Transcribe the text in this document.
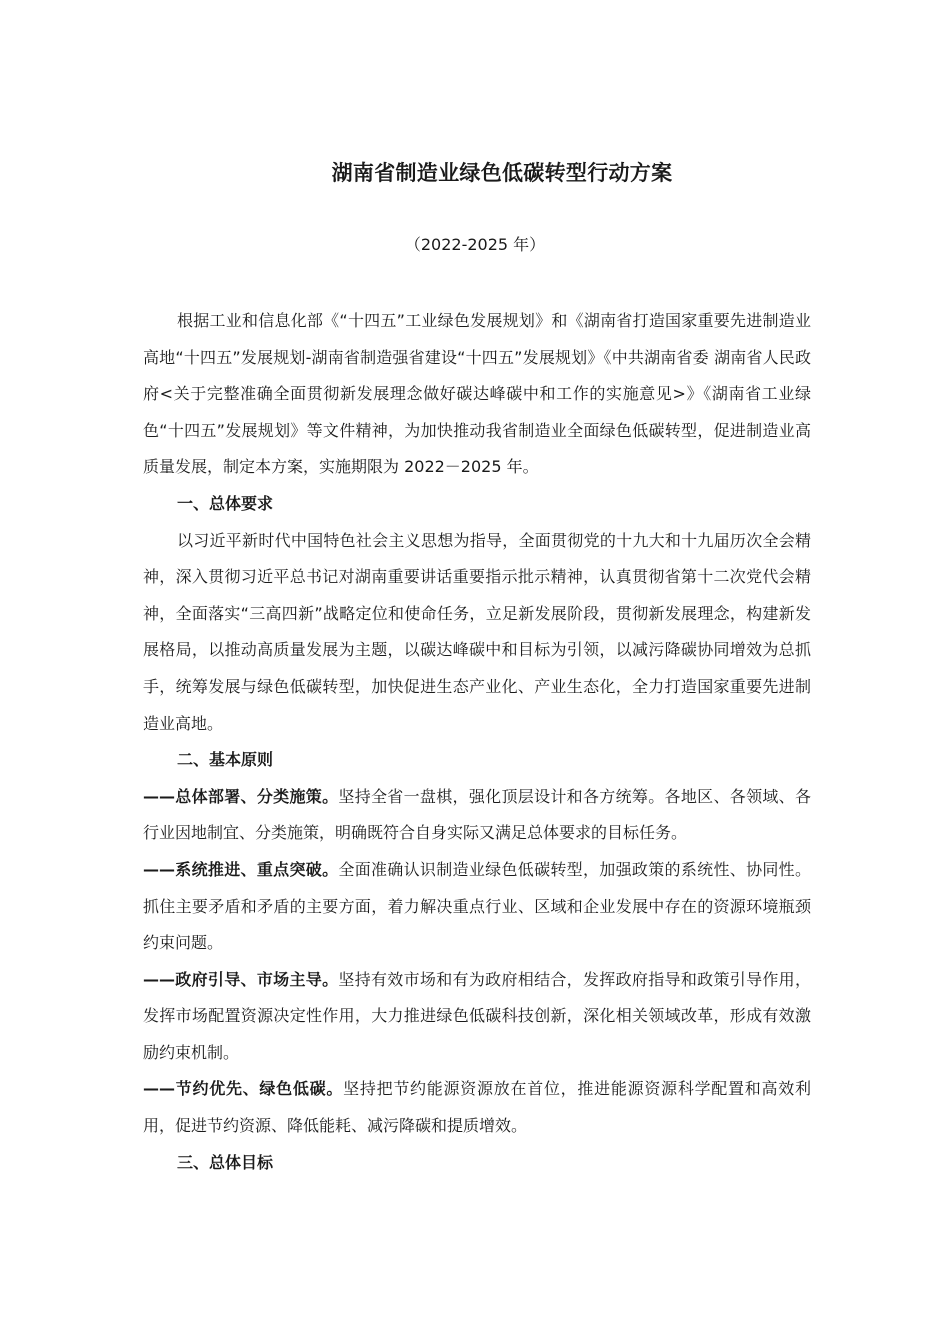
湖南省制造业绿色低碳转型行动方案
（2022-2025 年）

根据工业和信息化部《“十四五”工业绿色发展规划》和《湖南省打造国家重要先进制造业高地“十四五”发展规划-湖南省制造强省建设“十四五”发展规划》《中共湖南省委 湖南省人民政府<关于完整准确全面贯彻新发展理念做好碳达峰碳中和工作的实施意见>》《湖南省工业绿色“十四五”发展规划》等文件精神，为加快推动我省制造业全面绿色低碳转型，促进制造业高质量发展，制定本方案，实施期限为 2022－2025 年。

一、总体要求

以习近平新时代中国特色社会主义思想为指导，全面贯彻党的十九大和十九届历次全会精神，深入贯彻习近平总书记对湖南重要讲话重要指示批示精神，认真贯彻省第十二次党代会精神，全面落实“三高四新”战略定位和使命任务，立足新发展阶段，贯彻新发展理念，构建新发展格局，以推动高质量发展为主题，以碳达峰碳中和目标为引领，以减污降碳协同增效为总抓手，统筹发展与绿色低碳转型，加快促进生态产业化、产业生态化，全力打造国家重要先进制造业高地。

二、基本原则

——总体部署、分类施策。坚持全省一盘棋，强化顶层设计和各方统筹。各地区、各领域、各行业因地制宜、分类施策，明确既符合自身实际又满足总体要求的目标任务。

——系统推进、重点突破。全面准确认识制造业绿色低碳转型，加强政策的系统性、协同性。抓住主要矛盾和矛盾的主要方面，着力解决重点行业、区域和企业发展中存在的资源环境瓶颈约束问题。

——政府引导、市场主导。坚持有效市场和有为政府相结合，发挥政府指导和政策引导作用，发挥市场配置资源决定性作用，大力推进绿色低碳科技创新，深化相关领域改革，形成有效激励约束机制。

——节约优先、绿色低碳。坚持把节约能源资源放在首位，推进能源资源科学配置和高效利用，促进节约资源、降低能耗、减污降碳和提质增效。

三、总体目标
